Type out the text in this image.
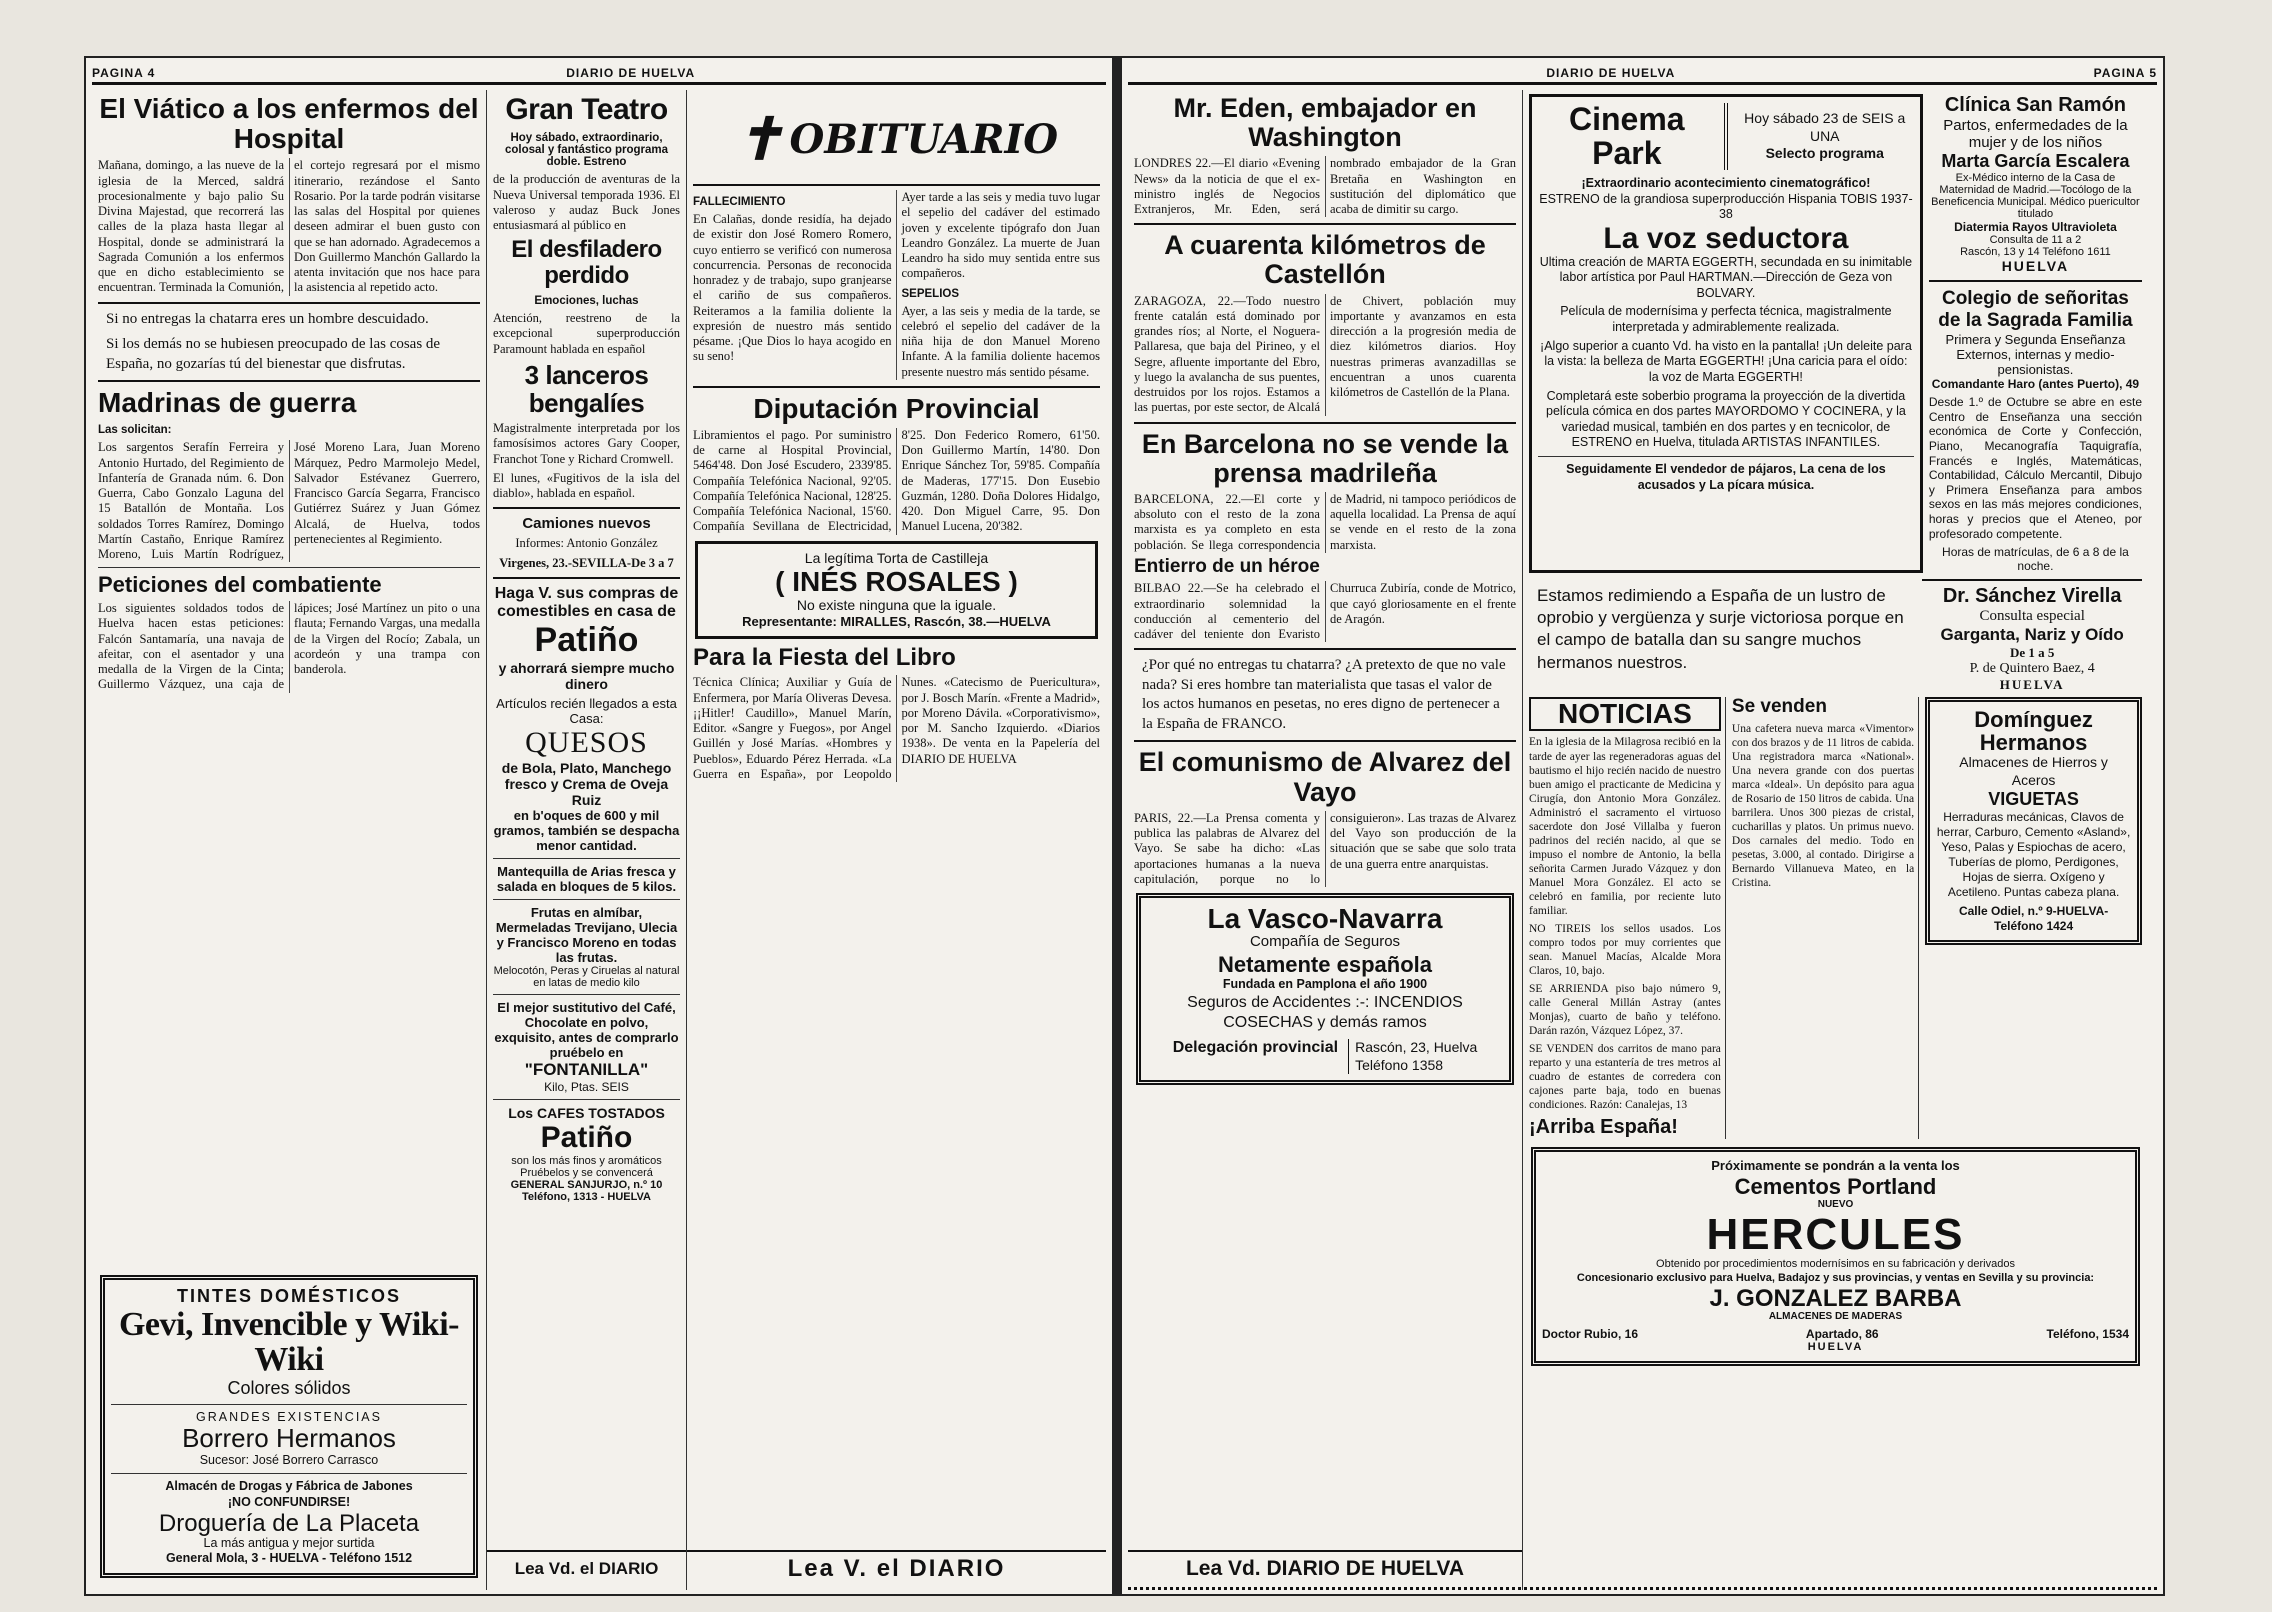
PAGINA 4	DIARIO DE HUELVA
El Viático a los enfermos del Hospital

Mañana, domingo, a las nueve de la iglesia de la Merced, saldrá procesionalmente y bajo palio Su Divina Majestad, que recorrerá las calles de la plaza hasta llegar al Hospital, donde se administrará la Sagrada Comunión a los enfermos que en dicho establecimiento se encuentran. Terminada la Comunión, el cortejo regresará por el mismo itinerario, rezándose el Santo Rosario. Por la tarde podrán visitarse las salas del Hospital por quienes deseen admirar el buen gusto con que se han adornado. Agradecemos a Don Guillermo Manchón Gallardo la atenta invitación que nos hace para la asistencia al repetido acto.

Si no entregas la chatarra eres un hombre descuidado.

Si los demás no se hubiesen preocupado de las cosas de España, no gozarías tú del bienestar que disfrutas.

Madrinas de guerra
Las solicitan:

Los sargentos Serafín Ferreira y Antonio Hurtado, del Regimiento de Infantería de Granada núm. 6. Don Guerra, Cabo Gonzalo Laguna del 15 Batallón de Montaña. Los soldados Torres Ramírez, Domingo Martín Castaño, Enrique Ramírez Moreno, Luis Martín Rodríguez, José Moreno Lara, Juan Moreno Márquez, Pedro Marmolejo Medel, Salvador Estévanez Guerrero, Francisco García Segarra, Francisco Gutiérrez Suárez y Juan Gómez Alcalá, de Huelva, todos pertenecientes al Regimiento.

Peticiones del combatiente

Los siguientes soldados todos de Huelva hacen estas peticiones: Falcón Santamaría, una navaja de afeitar, con el asentador y una medalla de la Virgen de la Cinta; Guillermo Vázquez, una caja de lápices; José Martínez un pito o una flauta; Fernando Vargas, una medalla de la Virgen del Rocío; Zabala, un acordeón y una trampa con banderola.

TINTES DOMÉSTICOS
Gevi, Invencible y Wiki-Wiki
Colores sólidos
GRANDES EXISTENCIAS
Borrero Hermanos
Sucesor: José Borrero Carrasco
Almacén de Drogas y Fábrica de Jabones
¡NO CONFUNDIRSE!
Droguería de La Placeta
La más antigua y mejor surtida
General Mola, 3 - HUELVA - Teléfono 1512
Gran Teatro
Hoy sábado, extraordinario, colosal y fantástico programa doble. Estreno

de la producción de aventuras de la Nueva Universal temporada 1936. El valeroso y audaz Buck Jones entusiasmará al público en

El desfiladero perdido
Emociones, luchas

Atención, reestreno de la excepcional superproducción Paramount hablada en español

3 lanceros bengalíes

Magistralmente interpretada por los famosísimos actores Gary Cooper, Franchot Tone y Richard Cromwell.

El lunes, «Fugitivos de la isla del diablo», hablada en español.

Camiones nuevos
Informes: Antonio González
Virgenes, 23.-SEVILLA-De 3 a 7
Haga V. sus compras de comestibles en casa de
Patiño
y ahorrará siempre mucho dinero
Artículos recién llegados a esta Casa:
QUESOS
de Bola, Plato, Manchego fresco y Crema de Oveja Ruiz
en b'oques de 600 y mil gramos, también se despacha menor cantidad.
Mantequilla de Arias fresca y salada en bloques de 5 kilos.
Frutas en almíbar, Mermeladas Trevijano, Ulecia y Francisco Moreno en todas las frutas.
Melocotón, Peras y Ciruelas al natural en latas de medio kilo
El mejor sustitutivo del Café, Chocolate en polvo, exquisito, antes de comprarlo pruébelo en
"FONTANILLA"
Kilo, Ptas. SEIS
Los CAFES TOSTADOS
Patiño
son los más finos y aromáticos Pruébelos y se convencerá
GENERAL SANJURJO, n.º 10 Teléfono, 1313 - HUELVA
Lea Vd. el DIARIO
✝ OBITUARIO
FALLECIMIENTO

En Calañas, donde residía, ha dejado de existir don José Romero Romero, cuyo entierro se verificó con numerosa concurrencia. Personas de reconocida honradez y de trabajo, supo granjearse el cariño de sus compañeros. Reiteramos a la familia doliente la expresión de nuestro más sentido pésame. ¡Que Dios lo haya acogido en su seno!

Ayer tarde a las seis y media tuvo lugar el sepelio del cadáver del estimado joven y excelente tipógrafo don Juan Leandro González. La muerte de Juan Leandro ha sido muy sentida entre sus compañeros.

SEPELIOS

Ayer, a las seis y media de la tarde, se celebró el sepelio del cadáver de la niña hija de don Manuel Moreno Infante. A la familia doliente hacemos presente nuestro más sentido pésame.

Diputación Provincial

Libramientos el pago. Por suministro de carne al Hospital Provincial, 5464'48. Don José Escudero, 2339'85. Compañía Telefónica Nacional, 92'05. Compañía Telefónica Nacional, 128'25. Compañía Telefónica Nacional, 15'60. Compañía Sevillana de Electricidad, 8'25. Don Federico Romero, 61'50. Don Guillermo Martín, 14'80. Don Enrique Sánchez Tor, 59'85. Compañía de Maderas, 177'15. Don Eusebio Guzmán, 1280. Doña Dolores Hidalgo, 420. Don Miguel Carre, 95. Don Manuel Lucena, 20'382.

La legítima Torta de Castilleja
( INÉS ROSALES )
No existe ninguna que la iguale.
Representante: MIRALLES, Rascón, 38.—HUELVA
Para la Fiesta del Libro

Técnica Clínica; Auxiliar y Guía de Enfermera, por María Oliveras Devesa. ¡¡Hitler! Caudillo», Manuel Marín, Editor. «Sangre y Fuegos», por Angel Guillén y José Marías. «Hombres y Pueblos», Eduardo Pérez Herrada. «La Guerra en España», por Leopoldo Nunes. «Catecismo de Puericultura», por J. Bosch Marín. «Frente a Madrid», por Moreno Dávila. «Corporativismo», por M. Sancho Izquierdo. «Diarios 1938». De venta en la Papelería del DIARIO DE HUELVA

Lea V. el DIARIO
DIARIO DE HUELVA	PAGINA 5
Mr. Eden, embajador en Washington

LONDRES 22.—El diario «Evening News» da la noticia de que el ex-ministro inglés de Negocios Extranjeros, Mr. Eden, será nombrado embajador de la Gran Bretaña en Washington en sustitución del diplomático que acaba de dimitir su cargo.

A cuarenta kilómetros de Castellón

ZARAGOZA, 22.—Todo nuestro frente catalán está dominado por grandes ríos; al Norte, el Noguera-Pallaresa, que baja del Pirineo, y el Segre, afluente importante del Ebro, y luego la avalancha de sus puentes, destruidos por los rojos. Estamos a las puertas, por este sector, de Alcalá de Chivert, población muy importante y avanzamos en esta dirección a la progresión media de diez kilómetros diarios. Hoy nuestras primeras avanzadillas se encuentran a unos cuarenta kilómetros de Castellón de la Plana.

En Barcelona no se vende la prensa madrileña

BARCELONA, 22.—El corte y absoluto con el resto de la zona marxista es ya completo en esta población. Se llega correspondencia de Madrid, ni tampoco periódicos de aquella localidad. La Prensa de aquí se vende en el resto de la zona marxista.

Entierro de un héroe

BILBAO 22.—Se ha celebrado el extraordinario solemnidad la conducción al cementerio del cadáver del teniente don Evaristo Churruca Zubiría, conde de Motrico, que cayó gloriosamente en el frente de Aragón.

¿Por qué no entregas tu chatarra? ¿A pretexto de que no vale nada? Si eres hombre tan materialista que tasas el valor de los actos humanos en pesetas, no eres digno de pertenecer a la España de FRANCO.

El comunismo de Alvarez del Vayo

PARIS, 22.—La Prensa comenta y publica las palabras de Alvarez del Vayo. Se sabe ha dicho: «Las aportaciones humanas a la nueva capitulación, porque no lo consiguieron». Las trazas de Alvarez del Vayo son producción de la situación que se sabe que solo trata de una guerra entre anarquistas.

La Vasco-Navarra
Compañía de Seguros
Netamente española
Fundada en Pamplona el año 1900
Seguros de Accidentes :-: INCENDIOS
COSECHAS y demás ramos
Delegación provincial Rascón, 23, Huelva
Teléfono 1358
Lea Vd. DIARIO DE HUELVA
Cinema Park
Hoy sábado 23 de SEIS a UNA
Selecto programa
¡Extraordinario acontecimiento cinematográfico!
ESTRENO de la grandiosa superproducción Hispania TOBIS 1937-38
La voz seductora
Ultima creación de MARTA EGGERTH, secundada en su inimitable labor artística por Paul HARTMAN.—Dirección de Geza von BOLVARY.
Película de modernísima y perfecta técnica, magistralmente interpretada y admirablemente realizada.
¡Algo superior a cuanto Vd. ha visto en la pantalla! ¡Un deleite para la vista: la belleza de Marta EGGERTH! ¡Una caricia para el oído: la voz de Marta EGGERTH!
Completará este soberbio programa la proyección de la divertida película cómica en dos partes MAYORDOMO Y COCINERA, y la variedad musical, también en dos partes y en tecnicolor, de ESTRENO en Huelva, titulada ARTISTAS INFANTILES.
Seguidamente El vendedor de pájaros, La cena de los acusados y La pícara música.
Clínica San Ramón
Partos, enfermedades de la mujer y de los niños
Marta García Escalera
Ex-Médico interno de la Casa de Maternidad de Madrid.—Tocólogo de la Beneficencia Municipal. Médico puericultor titulado
Diatermia Rayos Ultravioleta
Consulta de 11 a 2
Rascón, 13 y 14 Teléfono 1611
HUELVA
Colegio de señoritas de la Sagrada Familia
Primera y Segunda Enseñanza Externos, internas y medio-pensionistas.
Comandante Haro (antes Puerto), 49
Desde 1.º de Octubre se abre en este Centro de Enseñanza una sección económica de Corte y Confección, Piano, Mecanografía Taquigrafía, Francés e Inglés, Matemáticas, Contabilidad, Cálculo Mercantil, Dibujo y Primera Enseñanza para ambos sexos en las más mejores condiciones, horas y precios que el Ateneo, por profesorado competente.
Horas de matrículas, de 6 a 8 de la noche.

Estamos redimiendo a España de un lustro de oprobio y vergüenza y surje victoriosa porque en el campo de batalla dan su sangre muchos hermanos nuestros.

Dr. Sánchez Virella
Consulta especial
Garganta, Nariz y Oído
De 1 a 5
P. de Quintero Baez, 4
HUELVA
NOTICIAS

En la iglesia de la Milagrosa recibió en la tarde de ayer las regeneradoras aguas del bautismo el hijo recién nacido de nuestro buen amigo el practicante de Medicina y Cirugía, don Antonio Mora González. Administró el sacramento el virtuoso sacerdote don José Villalba y fueron padrinos del recién nacido, al que se impuso el nombre de Antonio, la bella señorita Carmen Jurado Vázquez y don Manuel Mora González. El acto se celebró en familia, por reciente luto familiar.

NO TIREIS los sellos usados. Los compro todos por muy corrientes que sean. Manuel Macías, Alcalde Mora Claros, 10, bajo.

SE ARRIENDA piso bajo número 9, calle General Millán Astray (antes Monjas), cuarto de baño y teléfono. Darán razón, Vázquez López, 37.

SE VENDEN dos carritos de mano para reparto y una estantería de tres metros al cuadro de estantes de corredera con cajones parte baja, todo en buenas condiciones. Razón: Canalejas, 13

¡Arriba España!
Se venden

Una cafetera nueva marca «Vimentor» con dos brazos y de 11 litros de cabida. Una registradora marca «National». Una nevera grande con dos puertas marca «Ideal». Un depósito para agua de Rosario de 150 litros de cabida. Una barrilera. Unos 300 piezas de cristal, cucharillas y platos. Un primus nuevo. Dos carnales del medio. Todo en pesetas, 3.000, al contado. Dirigirse a Bernardo Villanueva Mateo, en la Cristina.

Domínguez Hermanos
Almacenes de Hierros y Aceros
VIGUETAS
Herraduras mecánicas, Clavos de herrar, Carburo, Cemento «Asland», Yeso, Palas y Espiochas de acero, Tuberías de plomo, Perdigones, Hojas de sierra. Oxígeno y Acetileno. Puntas cabeza plana.
Calle Odiel, n.º 9-HUELVA-Teléfono 1424
Próximamente se pondrán a la venta los
Cementos Portland
NUEVO
HERCULES
Obtenido por procedimientos modernísimos en su fabricación y derivados
Concesionario exclusivo para Huelva, Badajoz y sus provincias, y ventas en Sevilla y su provincia:
J. GONZALEZ BARBA
ALMACENES DE MADERAS
Doctor Rubio, 16	Apartado, 86	Teléfono, 1534
HUELVA
